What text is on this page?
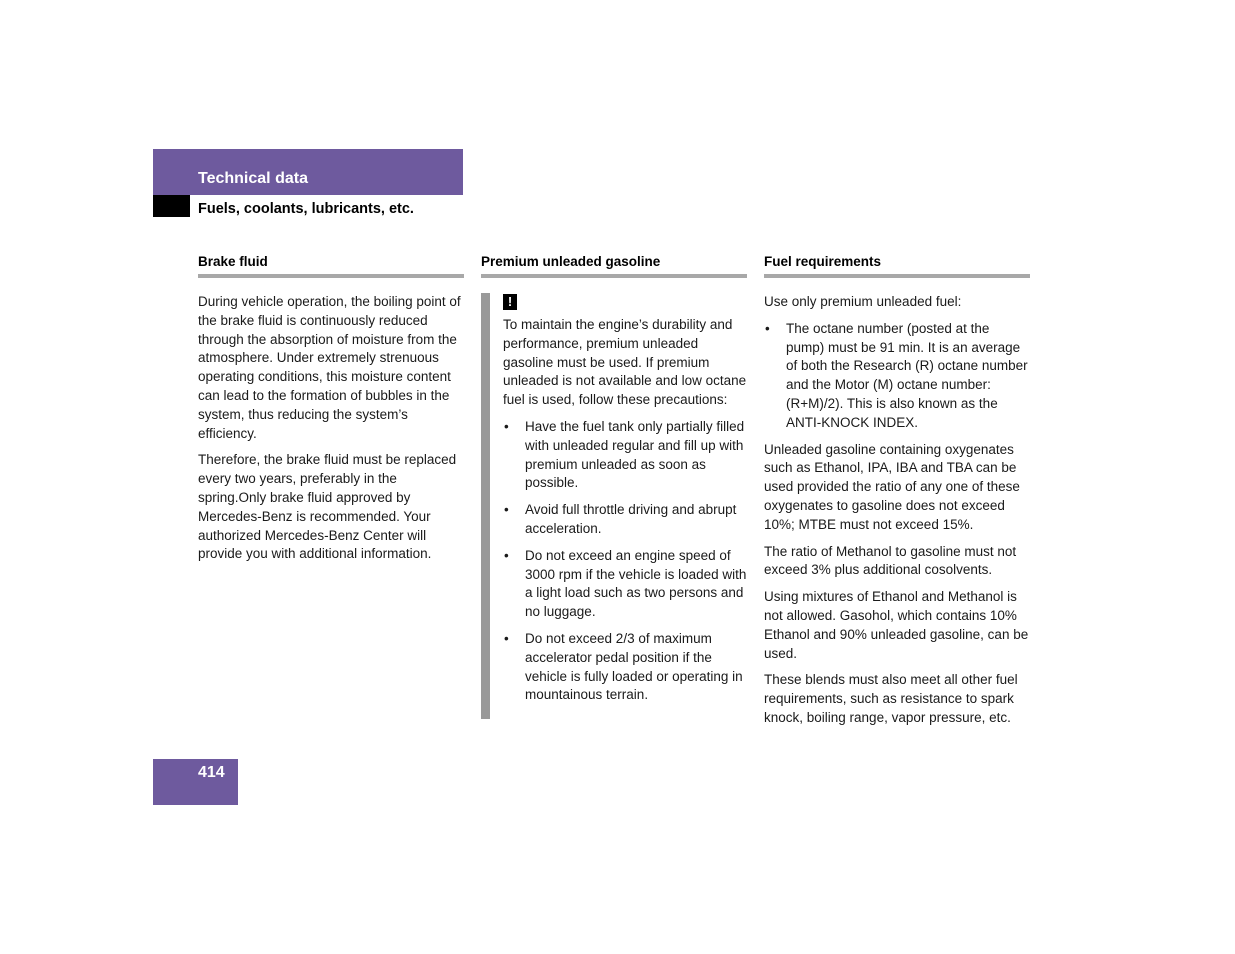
Technical data
Fuels, coolants, lubricants, etc.
Brake fluid

During vehicle operation, the boiling point of the brake fluid is continuously reduced through the absorption of moisture from the atmosphere. Under extremely strenuous operating conditions, this moisture content can lead to the formation of bubbles in the system, thus reducing the system’s efficiency.

Therefore, the brake fluid must be replaced every two years, preferably in the spring.Only brake fluid approved by Mercedes-Benz is recommended. Your authorized Mercedes-Benz Center will provide you with additional information.

Premium unleaded gasoline
!

To maintain the engine’s durability and performance, premium unleaded gasoline must be used. If premium unleaded is not available and low octane fuel is used, follow these precautions:

• Have the fuel tank only partially filled with unleaded regular and fill up with premium unleaded as soon as possible.
• Avoid full throttle driving and abrupt acceleration.
• Do not exceed an engine speed of 3000 rpm if the vehicle is loaded with a light load such as two persons and no luggage.
• Do not exceed 2/3 of maximum accelerator pedal position if the vehicle is fully loaded or operating in mountainous terrain.
Fuel requirements

Use only premium unleaded fuel:

• The octane number (posted at the pump) must be 91 min. It is an average of both the Research (R) octane number and the Motor (M) octane number: (R+M)/2). This is also known as the ANTI-KNOCK INDEX.

Unleaded gasoline containing oxygenates such as Ethanol, IPA, IBA and TBA can be used provided the ratio of any one of these oxygenates to gasoline does not exceed 10%; MTBE must not exceed 15%.

The ratio of Methanol to gasoline must not exceed 3% plus additional cosolvents.

Using mixtures of Ethanol and Methanol is not allowed. Gasohol, which contains 10% Ethanol and 90% unleaded gasoline, can be used.

These blends must also meet all other fuel requirements, such as resistance to spark knock, boiling range, vapor pressure, etc.

414
